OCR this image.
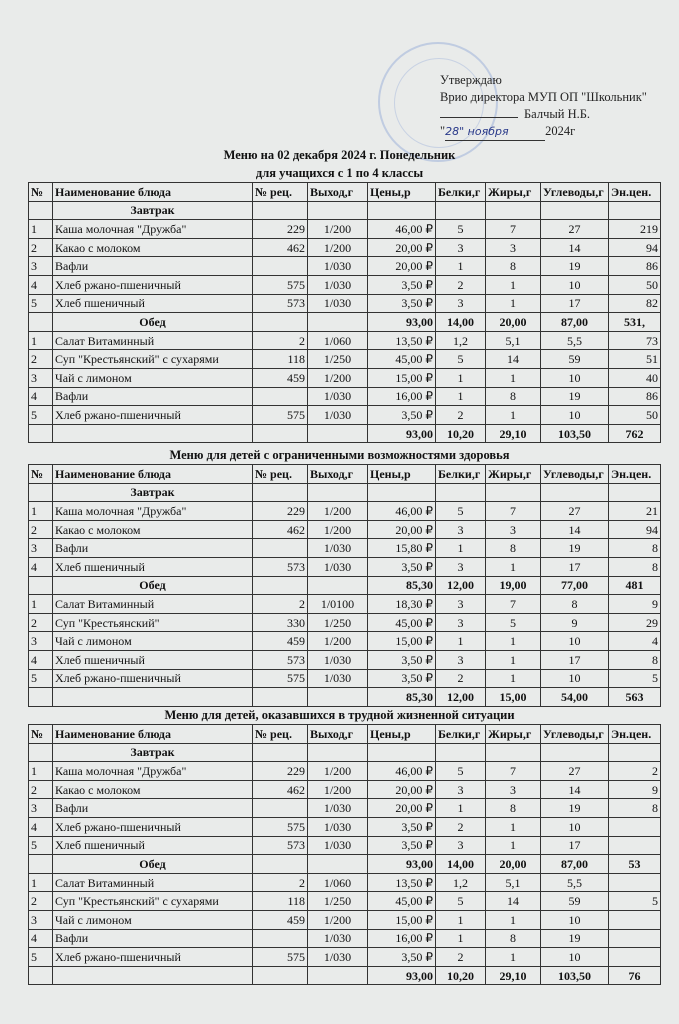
Утверждаю
Врио директора МУП ОП "Школьник"
Балчый Н.Б.
"28" ноября	2024г
Меню на 02 декабря 2024 г. Понедельник
для учащихся с 1 по 4 классы
№	Наименование блюда	№ рец.	Выход,г	Цены,р	Белки,г	Жиры,г	Углеводы,г	Эн.цен.
	Завтрак							
1	Каша молочная "Дружба"	229	1/200	46,00 ₽	5	7	27	219
2	Какао с молоком	462	1/200	20,00 ₽	3	3	14	94
3	Вафли		1/030	20,00 ₽	1	8	19	86
4	Хлеб ржано-пшеничный	575	1/030	3,50 ₽	2	1	10	50
5	Хлеб пшеничный	573	1/030	3,50 ₽	3	1	17	82
	Обед			93,00	14,00	20,00	87,00	531,
1	Салат Витаминный	2	1/060	13,50 ₽	1,2	5,1	5,5	73
2	Суп "Крестьянский" с сухарями	118	1/250	45,00 ₽	5	14	59	51
3	Чай с лимоном	459	1/200	15,00 ₽	1	1	10	40
4	Вафли		1/030	16,00 ₽	1	8	19	86
5	Хлеб ржано-пшеничный	575	1/030	3,50 ₽	2	1	10	50
				93,00	10,20	29,10	103,50	762
Меню для детей с ограниченными возможностями здоровья
№	Наименование блюда	№ рец.	Выход,г	Цены,р	Белки,г	Жиры,г	Углеводы,г	Эн.цен.
	Завтрак							
1	Каша молочная "Дружба"	229	1/200	46,00 ₽	5	7	27	21
2	Какао с молоком	462	1/200	20,00 ₽	3	3	14	94
3	Вафли		1/030	15,80 ₽	1	8	19	8
4	Хлеб пшеничный	573	1/030	3,50 ₽	3	1	17	8
	Обед			85,30	12,00	19,00	77,00	481
1	Салат Витаминный	2	1/0100	18,30 ₽	3	7	8	9
2	Суп "Крестьянский"	330	1/250	45,00 ₽	3	5	9	29
3	Чай с лимоном	459	1/200	15,00 ₽	1	1	10	4
4	Хлеб пшеничный	573	1/030	3,50 ₽	3	1	17	8
5	Хлеб ржано-пшеничный	575	1/030	3,50 ₽	2	1	10	5
				85,30	12,00	15,00	54,00	563
Меню для детей, оказавшихся в трудной жизненной ситуации
№	Наименование блюда	№ рец.	Выход,г	Цены,р	Белки,г	Жиры,г	Углеводы,г	Эн.цен.
	Завтрак							
1	Каша молочная "Дружба"	229	1/200	46,00 ₽	5	7	27	2
2	Какао с молоком	462	1/200	20,00 ₽	3	3	14	9
3	Вафли		1/030	20,00 ₽	1	8	19	8
4	Хлеб ржано-пшеничный	575	1/030	3,50 ₽	2	1	10	
5	Хлеб пшеничный	573	1/030	3,50 ₽	3	1	17	
	Обед			93,00	14,00	20,00	87,00	53
1	Салат Витаминный	2	1/060	13,50 ₽	1,2	5,1	5,5	
2	Суп "Крестьянский" с сухарями	118	1/250	45,00 ₽	5	14	59	5
3	Чай с лимоном	459	1/200	15,00 ₽	1	1	10	
4	Вафли		1/030	16,00 ₽	1	8	19	
5	Хлеб ржано-пшеничный	575	1/030	3,50 ₽	2	1	10	
				93,00	10,20	29,10	103,50	76
